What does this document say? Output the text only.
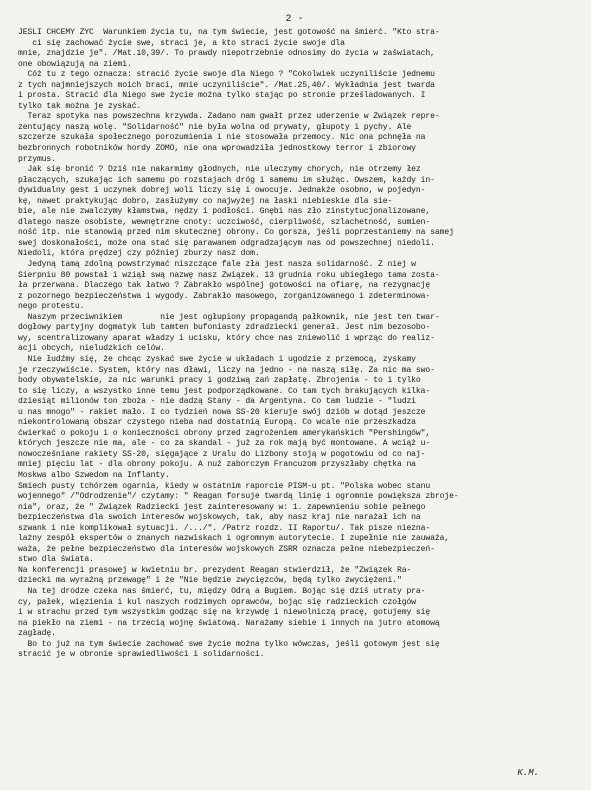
2 -
JEŚLI CHCEMY ŻYĆ  Warunkiem życia tu, na tym świecie, jest gotowość na śmierć. "Kto stra-
ci się zachować życie swe, straci je, a kto straci życie swoje dla
mnie, znajdzie je". /Mat.10,39/. To prawdy niepotrzebnie odnosimy do życia w zaświatach,
one obowiązują na ziemi.
Cóż tu z tego oznacza: stracić życie swoje dla Niego ? "Cokolwiek uczyniliście jednemu
z tych najmniejszych moich braci, mnie uczyniliście". /Mat.25,40/. Wykładnia jest twarda
i prosta. Stracić dla Niego swe życie można tylko stając po stronie prześladowanych. I
tylko tak można je zyskać.
Teraz spotyka nas powszechna krzywda. Zadano nam gwałt przez uderzenie w Związek repre-
zentujący naszą wolę. "Solidarność" nie była wolna od prywaty, głupoty i pychy. Ale
szczerze szukała społecznego porozumienia i nie stosowała przemocy. Nic ona pchnęła na
bezbronnych robotników hordy ZOMO, nie ona wprowadziła jednostkowy terror i zbiorowy
przymus.
Jak się bronić ? Dziś nie nakarmimy głodnych, nie uleczymy chorych, nie otrzemy łez
płaczących, szukając ich samemu po rozstajach dróg i samemu im służąc. Owszem, każdy in-
dywidualny gest i uczynek dobrej woli liczy się i owocuje. Jednakże osobno, w pojedyn-
kę, nawet praktykując dobro, zasłużymy co najwyżej na łaski niebieskie dla sie-
bie, ale nie zwalczymy kłamstwa, nędzy i podłości. Gnębi nas zło zinstytucjonalizowane,
dlatego nasze osobiste, wewnętrzne cnoty: uczciwość, cierpliwość, szlachetność, sumien-
ność itp. nie stanowią przed nim skutecznej obrony. Co gorsza, jeśli poprzestaniemy na samej
swej doskonałości, może ona stać się parawanem odgradzającym nas od powszechnej niedoli.
Niedoli, która prędzej czy później zburzy nasz dom.
Jedyną tamą zdolną powstrzymać niszczące fale zła jest nasza solidarność. Z niej w
Sierpniu 80 powstał i wziął swą nazwę nasz Związek. 13 grudnia roku ubiegłego tama zosta-
ła przerwana. Dlaczego tak łatwo ? Zabrakło wspólnej gotowości na ofiarę, na rezygnację
z pozornego bezpieczeństwa i wygody. Zabrakło masowego, zorganizowanego i zdeterminowa-
nego protestu.
Naszym przeciwnikiem        nie jest ogłupiony propagandą pałkownik, nie jest ten twar-
dogłowy partyjny dogmatyk lub tamten bufoniasty zdradziecki generał. Jest nim bezosobo-
wy, scentralizowany aparat władzy i ucisku, który chce nas zniewolić i wprząc do realiz-
acji obcych, nieludzkich celów.
Nie łudźmy się, że chcąc zyskać swe życie w układach i ugodzie z przemocą, zyskamy
je rzeczywiście. System, który nas dławi, liczy na jedno - na naszą siłę. Za nic ma swo-
body obywatelskie, za nic warunki pracy i godziwą zań zapłatę. Zbrojenia - to i tylko
to się liczy, a wszystko inne temu jest podporządkowane. Co tam tych brakujących kilka-
dziesiąt milionów ton zboża - nie dadzą Stany - da Argentyna. Co tam ludzie - "ludzi
u nas mnogo" - rakiet mało. I co tydzień nowa SS-20 kieruje swój dziób w dotąd jeszcze
niekontrolowaną obszar czystego nieba nad dostatnią Europą. Co wcale nie przeszkadza
ćwierkać o pokoju i o konieczności obrony przed zagrożeniem amerykańskich "Pershingów",
których jeszcze nie ma, ale - co za skandal - już za rok mają być montowane. A wciąż u-
nowocześniane rakiety SS-20, sięgające z Uralu do Lizbony stoją w pogotowiu od co naj-
mniej pięciu lat - dla obrony pokoju. A nuż zaborczym Francuzom przyszłaby chętka na
Moskwa albo Szwedom na Inflanty.
Śmiech pusty tchórzem ogarnia, kiedy w ostatnim raporcie PISM-u pt. "Polska wobec stanu
wojennego" /"Odrodzenie"/ czytamy: " Reagan forsuje twardą linię i ogromnie powiększa zbroje-
nia", oraz, że " Związek Radziecki jest zainteresowany w: 1. zapewnieniu sobie pełnego
bezpieczeństwa dla swoich interesów wojskowych, tak, aby nasz kraj nie narażał ich na
szwank i nie komplikował sytuacji. /.../". /Patrz rozdz. II Raportu/. Tak pisze niezna-
lażny zespół ekspertów o znanych nazwiskach i ogromnym autorytecie. I zupełnie nie zauważa,
waża, że pełne bezpieczeństwo dla interesów wojskowych ZSRR oznacza pełne niebezpieczeń-
stwo dla świata.
Na konferencji prasowej w kwietniu br. prezydent Reagan stwierdził, że "Związek Ra-
dziecki ma wyraźną przewagę" i że "Nie będzie zwycięzców, będą tylko zwyciężeni."
Na tej drodze czeka nas śmierć, tu, między Odrą a Bugiem. Bojąc się dziś utraty pra-
cy, pałek, więzienia i kul naszych rodzimych oprawców, bojąc się radzieckich czołgów
i w strachu przed tym wszystkim godząc się na krzywdę i niewolniczą pracę, gotujemy się
na piekło na ziemi - na trzecią wojnę światową. Narażamy siebie i innych na jutro atomową
zagładę.
Bo to już na tym świecie zachować swe życie można tylko wówczas, jeśli gotowym jest się
stracić je w obronie sprawiedliwości i solidarności.
K.M.
